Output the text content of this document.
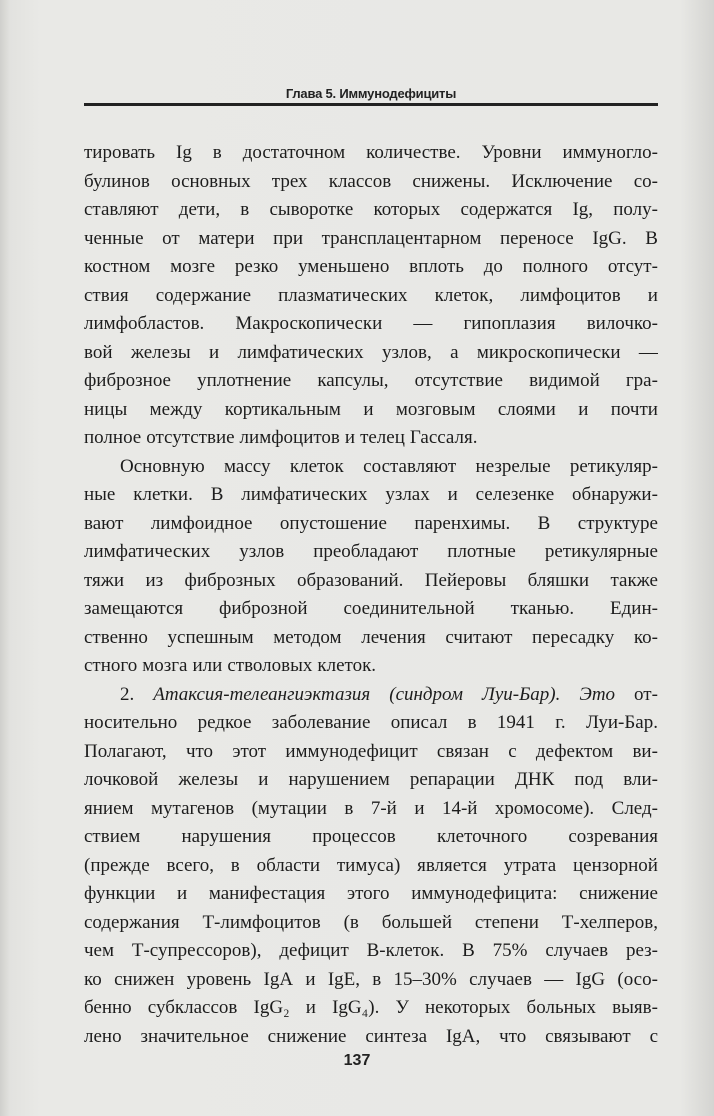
Глава 5. Иммунодефициты
тировать Ig в достаточном количестве. Уровни иммуногло-
булинов основных трех классов снижены. Исключение со-
ставляют дети, в сыворотке которых содержатся Ig, полу-
ченные от матери при трансплацентарном переносе IgG. В
костном мозге резко уменьшено вплоть до полного отсут-
ствия содержание плазматических клеток, лимфоцитов и
лимфобластов. Макроскопически — гипоплазия вилочко-
вой железы и лимфатических узлов, а микроскопически —
фиброзное уплотнение капсулы, отсутствие видимой гра-
ницы между кортикальным и мозговым слоями и почти
полное отсутствие лимфоцитов и телец Гассаля.
Основную массу клеток составляют незрелые ретикуляр-
ные клетки. В лимфатических узлах и селезенке обнаружи-
вают лимфоидное опустошение паренхимы. В структуре
лимфатических узлов преобладают плотные ретикулярные
тяжи из фиброзных образований. Пейеровы бляшки также
замещаются фиброзной соединительной тканью. Един-
ственно успешным методом лечения считают пересадку ко-
стного мозга или стволовых клеток.
2. Атаксия-телеангиэктазия (синдром Луи-Бар). Это от-
носительно редкое заболевание описал в 1941 г. Луи-Бар.
Полагают, что этот иммунодефицит связан с дефектом ви-
лочковой железы и нарушением репарации ДНК под вли-
янием мутагенов (мутации в 7-й и 14-й хромосоме). След-
ствием нарушения процессов клеточного созревания
(прежде всего, в области тимуса) является утрата цензорной
функции и манифестация этого иммунодефицита: снижение
содержания Т-лимфоцитов (в большей степени Т-хелперов,
чем Т-супрессоров), дефицит В-клеток. В 75% случаев рез-
ко снижен уровень IgA и IgE, в 15–30% случаев — IgG (осо-
бенно субклассов IgG₂ и IgG₄). У некоторых больных выяв-
лено значительное снижение синтеза IgA, что связывают с
137
